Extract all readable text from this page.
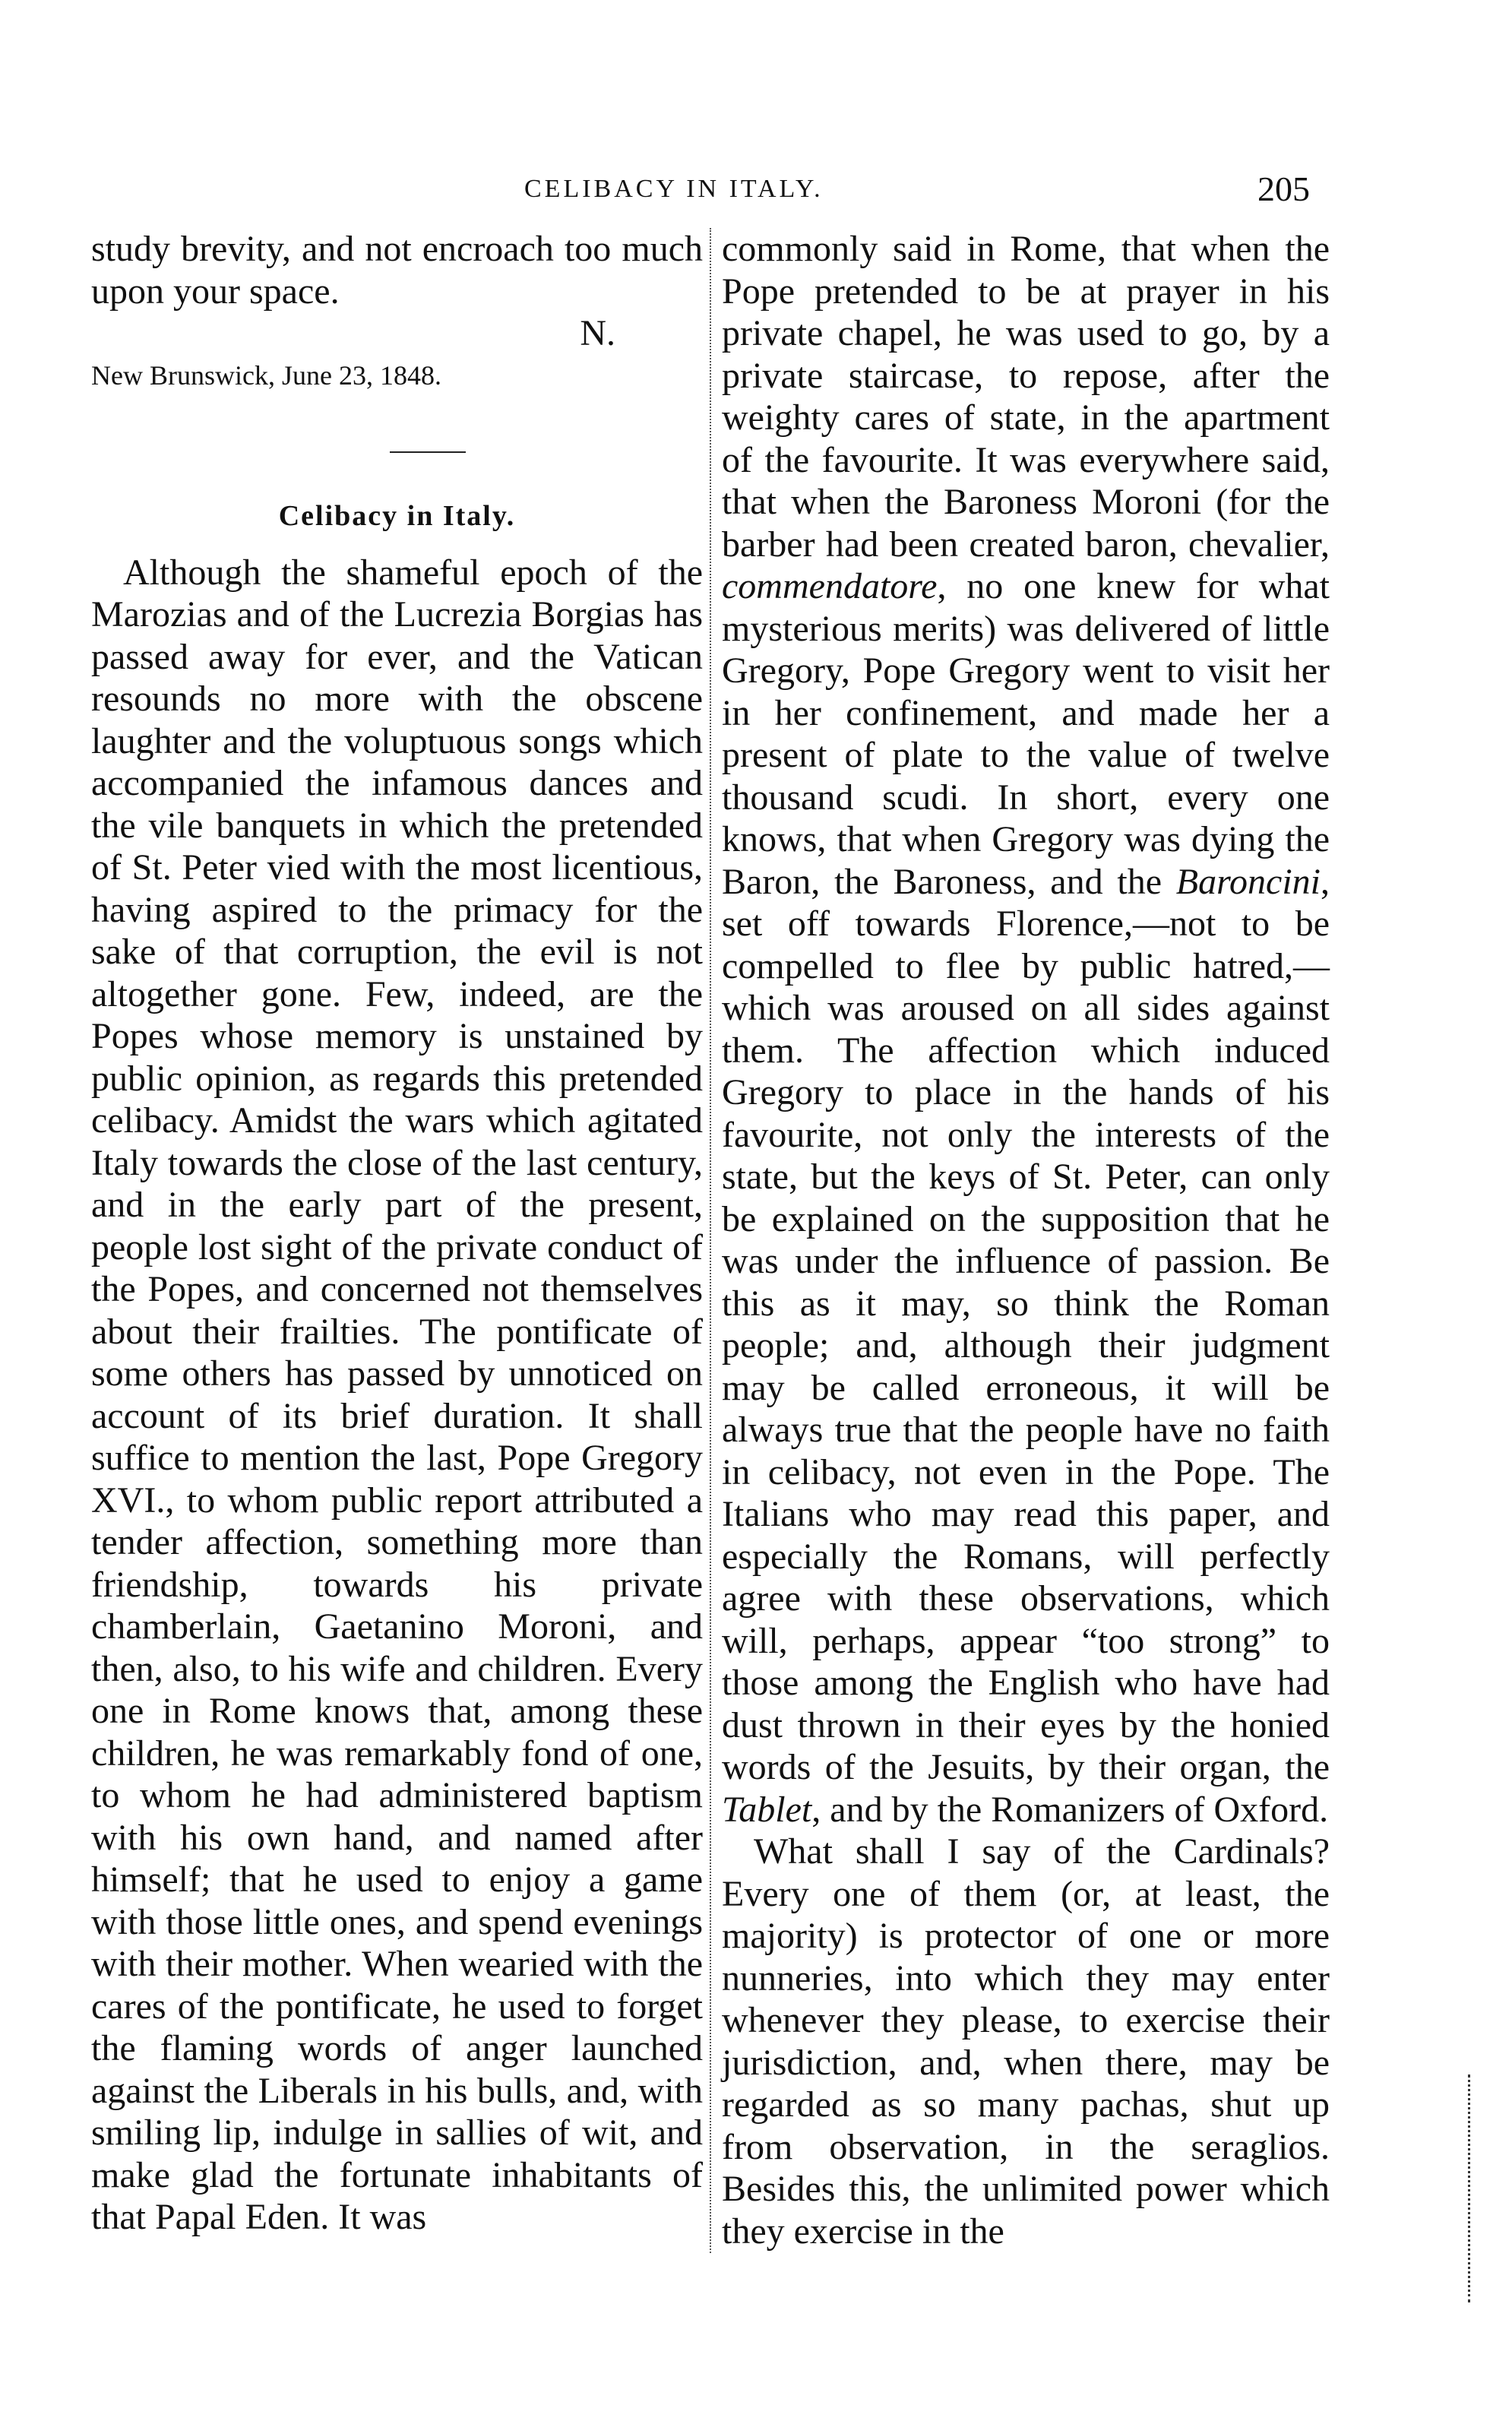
CELIBACY IN ITALY.	205

study brevity, and not encroach too much upon your space.

N.

New Brunswick, June 23, 1848.

Celibacy in Italy.

Although the shameful epoch of the Marozias and of the Lucrezia Borgias has passed away for ever, and the Vatican resounds no more with the obscene laughter and the voluptuous songs which accompanied the infamous dances and the vile banquets in which the pretended of St. Peter vied with the most licentious, having aspired to the primacy for the sake of that corruption, the evil is not altogether gone. Few, indeed, are the Popes whose memory is unstained by public opinion, as regards this pretended celibacy. Amidst the wars which agitated Italy towards the close of the last century, and in the early part of the present, people lost sight of the private conduct of the Popes, and concerned not themselves about their frailties. The pontificate of some others has passed by unnoticed on account of its brief duration. It shall suffice to mention the last, Pope Gregory XVI., to whom public report attributed a tender affection, something more than friendship, towards his private chamberlain, Gaetanino Moroni, and then, also, to his wife and children. Every one in Rome knows that, among these children, he was remarkably fond of one, to whom he had administered baptism with his own hand, and named after himself; that he used to enjoy a game with those little ones, and spend evenings with their mother. When wearied with the cares of the pontificate, he used to forget the flaming words of anger launched against the Liberals in his bulls, and, with smiling lip, indulge in sallies of wit, and make glad the fortunate inhabitants of that Papal Eden. It was

commonly said in Rome, that when the Pope pretended to be at prayer in his private chapel, he was used to go, by a private staircase, to repose, after the weighty cares of state, in the apartment of the favourite. It was everywhere said, that when the Baroness Moroni (for the barber had been created baron, chevalier, commendatore, no one knew for what mysterious merits) was delivered of little Gregory, Pope Gregory went to visit her in her confinement, and made her a present of plate to the value of twelve thousand scudi. In short, every one knows, that when Gregory was dying the Baron, the Baroness, and the Baroncini, set off towards Florence,—not to be compelled to flee by public hatred,—which was aroused on all sides against them. The affection which induced Gregory to place in the hands of his favourite, not only the interests of the state, but the keys of St. Peter, can only be explained on the supposition that he was under the influence of passion. Be this as it may, so think the Roman people; and, although their judgment may be called erroneous, it will be always true that the people have no faith in celibacy, not even in the Pope. The Italians who may read this paper, and especially the Romans, will perfectly agree with these observations, which will, perhaps, appear “too strong” to those among the English who have had dust thrown in their eyes by the honied words of the Jesuits, by their organ, the Tablet, and by the Romanizers of Oxford.

What shall I say of the Cardinals? Every one of them (or, at least, the majority) is protector of one or more nunneries, into which they may enter whenever they please, to exercise their jurisdiction, and, when there, may be regarded as so many pachas, shut up from observation, in the seraglios. Besides this, the unlimited power which they exercise in the
